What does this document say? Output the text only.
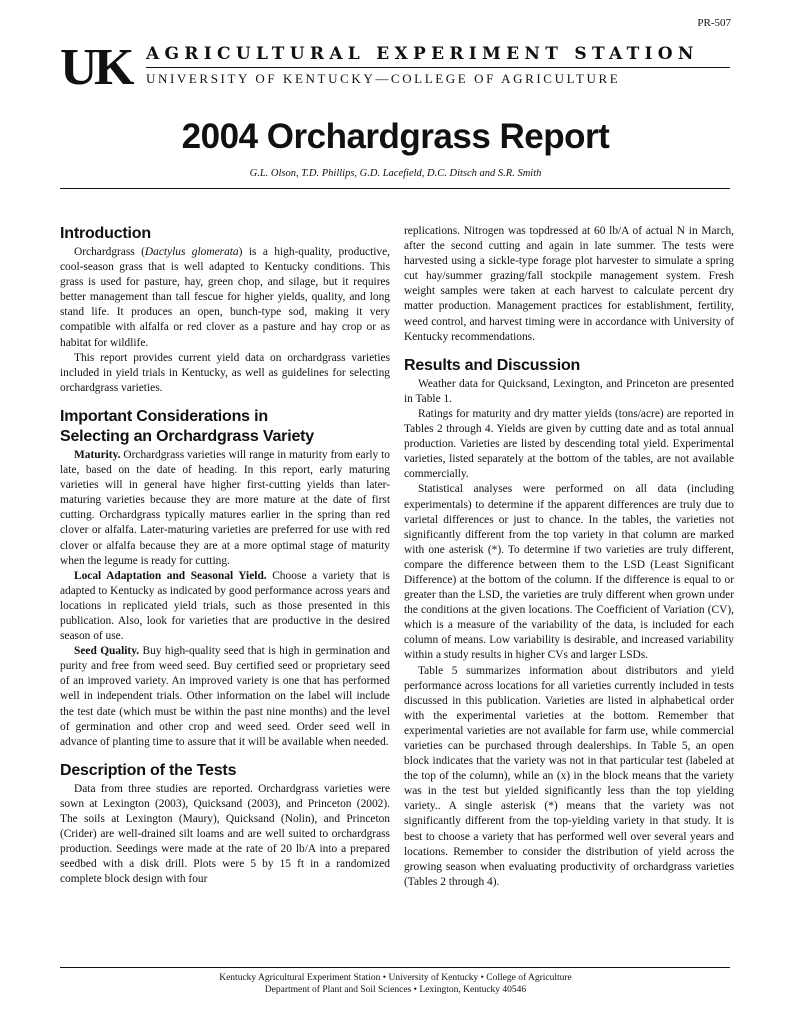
PR-507
U K AGRICULTURAL EXPERIMENT STATION
UNIVERSITY OF KENTUCKY—COLLEGE OF AGRICULTURE
2004 Orchardgrass Report
G.L. Olson, T.D. Phillips, G.D. Lacefield, D.C. Ditsch and S.R. Smith
Introduction

Orchardgrass (Dactylus glomerata) is a high-quality, productive, cool-season grass that is well adapted to Kentucky conditions. This grass is used for pasture, hay, green chop, and silage, but it requires better management than tall fescue for higher yields, quality, and long stand life. It produces an open, bunch-type sod, making it very compatible with alfalfa or red clover as a pasture and hay crop or as habitat for wildlife.

This report provides current yield data on orchardgrass varieties included in yield trials in Kentucky, as well as guidelines for selecting orchardgrass varieties.

Important Considerations in
Selecting an Orchardgrass Variety

Maturity. Orchardgrass varieties will range in maturity from early to late, based on the date of heading. In this report, early maturing varieties will in general have higher first-cutting yields than later-maturing varieties because they are more mature at the date of first cutting. Orchardgrass typically matures earlier in the spring than red clover or alfalfa. Later-maturing varieties are preferred for use with red clover or alfalfa because they are at a more optimal stage of maturity when the legume is ready for cutting.

Local Adaptation and Seasonal Yield. Choose a variety that is adapted to Kentucky as indicated by good performance across years and locations in replicated yield trials, such as those presented in this publication. Also, look for varieties that are productive in the desired season of use.

Seed Quality. Buy high-quality seed that is high in germination and purity and free from weed seed. Buy certified seed or proprietary seed of an improved variety. An improved variety is one that has performed well in independent trials. Other information on the label will include the test date (which must be within the past nine months) and the level of germination and other crop and weed seed. Order seed well in advance of planting time to assure that it will be available when needed.

Description of the Tests

Data from three studies are reported. Orchardgrass varieties were sown at Lexington (2003), Quicksand (2003), and Princeton (2002). The soils at Lexington (Maury), Quicksand (Nolin), and Princeton (Crider) are well-drained silt loams and are well suited to orchardgrass production. Seedings were made at the rate of 20 lb/A into a prepared seedbed with a disk drill. Plots were 5 by 15 ft in a randomized complete block design with four

replications. Nitrogen was topdressed at 60 lb/A of actual N in March, after the second cutting and again in late summer. The tests were harvested using a sickle-type forage plot harvester to simulate a spring cut hay/summer grazing/fall stockpile management system. Fresh weight samples were taken at each harvest to calculate percent dry matter production. Management practices for establishment, fertility, weed control, and harvest timing were in accordance with University of Kentucky recommendations.

Results and Discussion

Weather data for Quicksand, Lexington, and Princeton are presented in Table 1.

Ratings for maturity and dry matter yields (tons/acre) are reported in Tables 2 through 4. Yields are given by cutting date and as total annual production. Varieties are listed by descending total yield. Experimental varieties, listed separately at the bottom of the tables, are not available commercially.

Statistical analyses were performed on all data (including experimentals) to determine if the apparent differences are truly due to varietal differences or just to chance. In the tables, the varieties not significantly different from the top variety in that column are marked with one asterisk (*). To determine if two varieties are truly different, compare the difference between them to the LSD (Least Significant Difference) at the bottom of the column. If the difference is equal to or greater than the LSD, the varieties are truly different when grown under the conditions at the given locations. The Coefficient of Variation (CV), which is a measure of the variability of the data, is included for each column of means. Low variability is desirable, and increased variability within a study results in higher CVs and larger LSDs.

Table 5 summarizes information about distributors and yield performance across locations for all varieties currently included in tests discussed in this publication. Varieties are listed in alphabetical order with the experimental varieties at the bottom. Remember that experimental varieties are not available for farm use, while commercial varieties can be purchased through dealerships. In Table 5, an open block indicates that the variety was not in that particular test (labeled at the top of the column), while an (x) in the block means that the variety was in the test but yielded significantly less than the top yielding variety.. A single asterisk (*) means that the variety was not significantly different from the top-yielding variety in that study. It is best to choose a variety that has performed well over several years and locations. Remember to consider the distribution of yield across the growing season when evaluating productivity of orchardgrass varieties (Tables 2 through 4).

Kentucky Agricultural Experiment Station • University of Kentucky • College of Agriculture
Department of Plant and Soil Sciences • Lexington, Kentucky 40546
